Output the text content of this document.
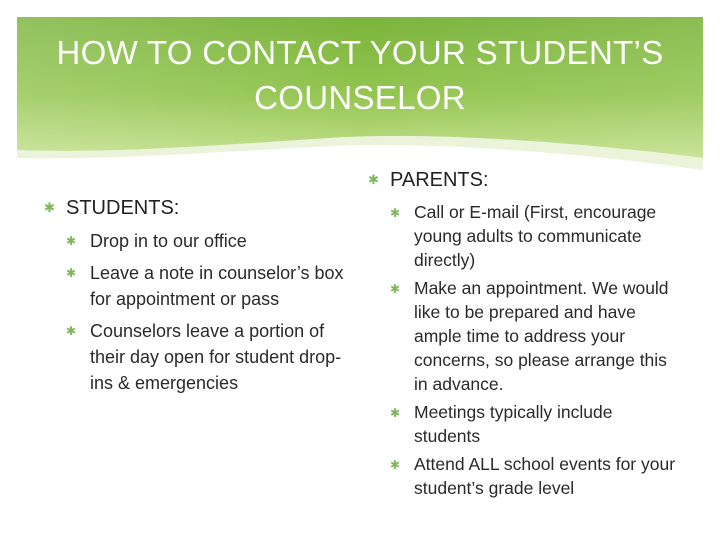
HOW TO CONTACT YOUR STUDENT’S
COUNSELOR
✱ STUDENTS:
✱ Drop in to our office
✱ Leave a note in counselor’s box for appointment or pass
✱ Counselors leave a portion of their day open for student drop-ins & emergencies
✱ PARENTS:
✱ Call or E-mail (First, encourage young adults to communicate directly)
✱ Make an appointment. We would like to be prepared and have ample time to address your concerns, so please arrange this in advance.
✱ Meetings typically include students
✱ Attend ALL school events for your student’s grade level
